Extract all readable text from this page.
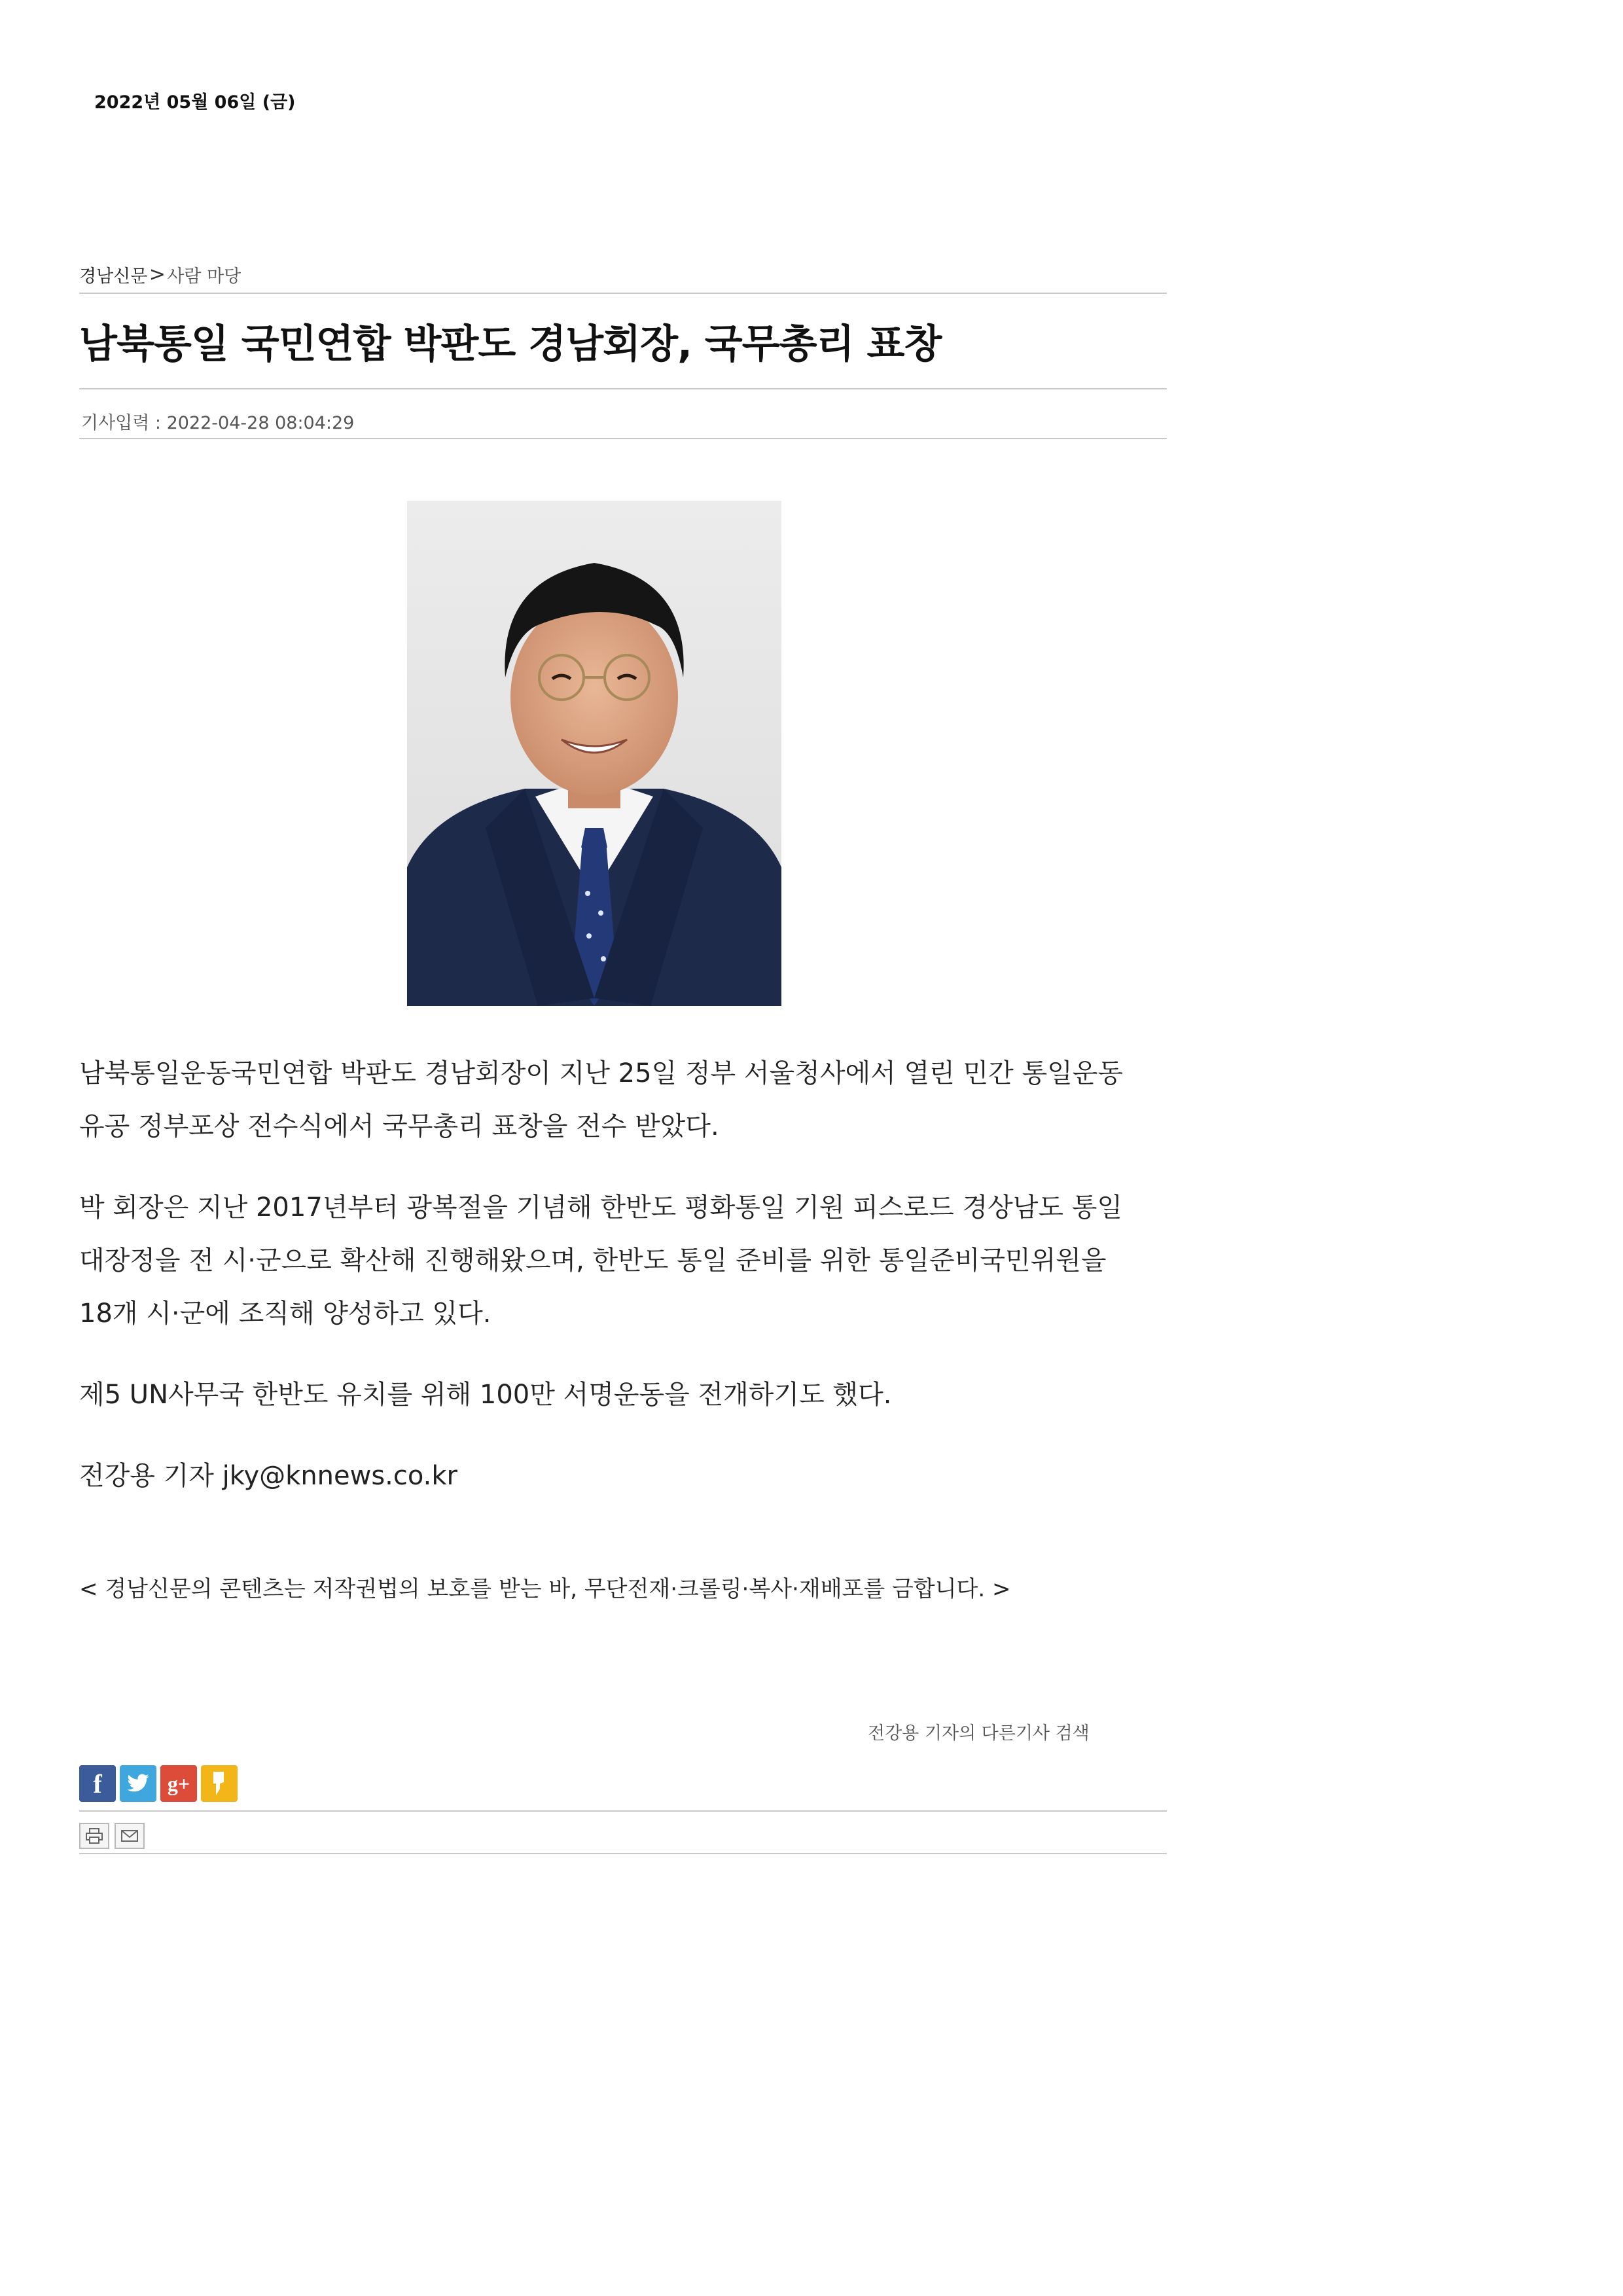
2022년 05월 06일 (금)
경남신문 > 사람 마당
남북통일 국민연합 박판도 경남회장, 국무총리 표창
기사입력 : 2022-04-28 08:04:29

남북통일운동국민연합 박판도 경남회장이 지난 25일 정부 서울청사에서 열린 민간 통일운동 유공 정부포상 전수식에서 국무총리 표창을 전수 받았다.

박 회장은 지난 2017년부터 광복절을 기념해 한반도 평화통일 기원 피스로드 경상남도 통일대장정을 전 시·군으로 확산해 진행해왔으며, 한반도 통일 준비를 위한 통일준비국민위원을 18개 시·군에 조직해 양성하고 있다.

제5 UN사무국 한반도 유치를 위해 100만 서명운동을 전개하기도 했다.

전강용 기자 jky@knnews.co.kr

< 경남신문의 콘텐츠는 저작권법의 보호를 받는 바, 무단전재·크롤링·복사·재배포를 금합니다. >
전강용 기자의 다른기사 검색
f	g+
